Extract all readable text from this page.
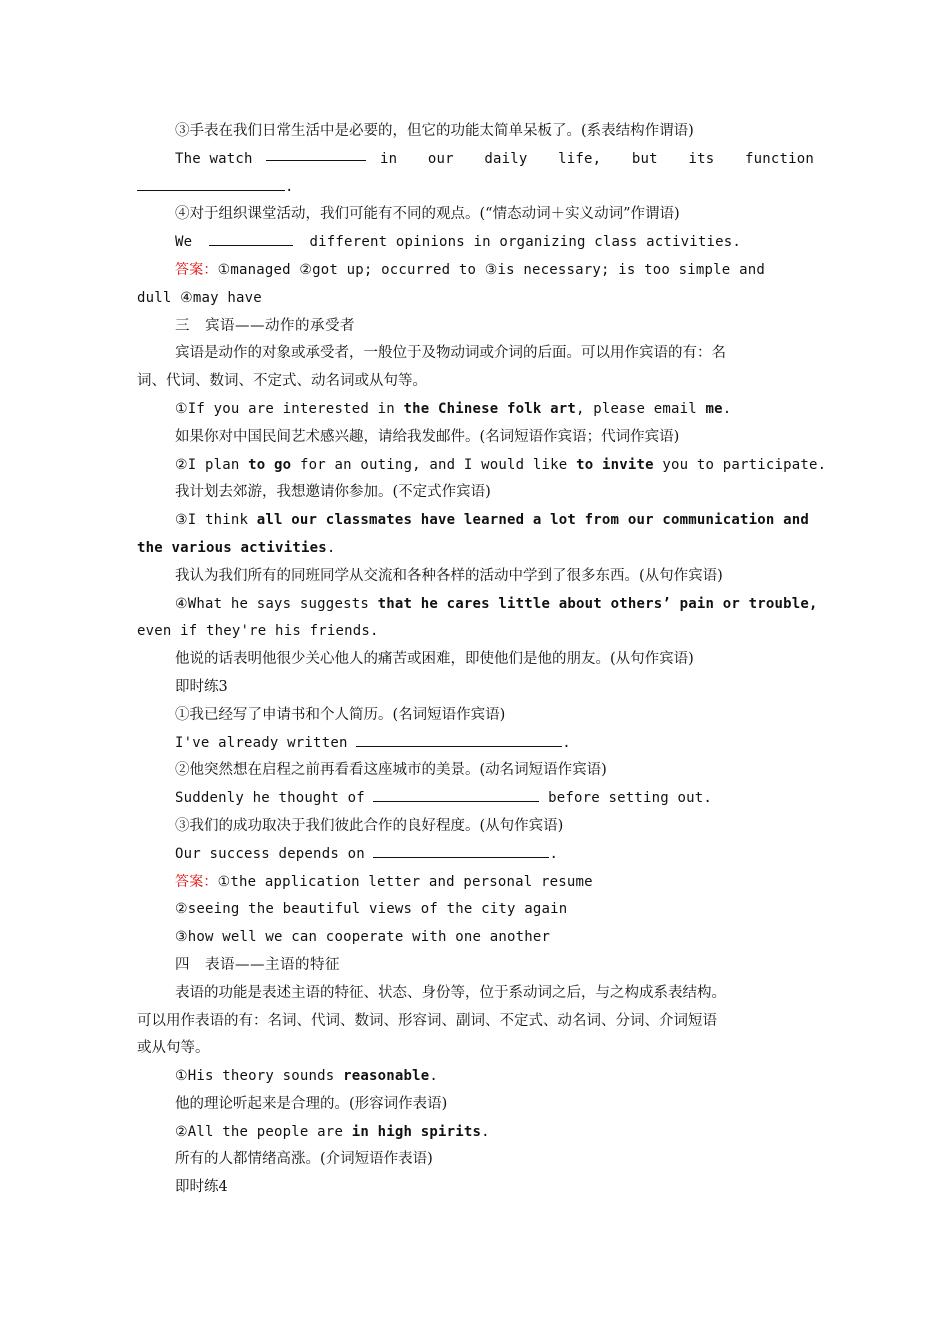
③手表在我们日常生活中是必要的，但它的功能太简单呆板了。(系表结构作谓语)
The watch	in our daily life, but its function
.
④对于组织课堂活动，我们可能有不同的观点。(“情态动词＋实义动词”作谓语)
We	different opinions in organizing class activities.
答案：①managed ②got up; occurred to ③is necessary; is too simple and
dull ④may have
三　宾语——动作的承受者
宾语是动作的对象或承受者，一般位于及物动词或介词的后面。可以用作宾语的有：名
词、代词、数词、不定式、动名词或从句等。
①If you are interested in the Chinese folk art, please email me.
如果你对中国民间艺术感兴趣，请给我发邮件。(名词短语作宾语；代词作宾语)
②I plan to go for an outing, and I would like to invite you to participate.
我计划去郊游，我想邀请你参加。(不定式作宾语)
③I think all our classmates have learned a lot from our communication and
the various activities.
我认为我们所有的同班同学从交流和各种各样的活动中学到了很多东西。(从句作宾语)
④What he says suggests that he cares little about others’ pain or trouble,
even if they're his friends.
他说的话表明他很少关心他人的痛苦或困难，即使他们是他的朋友。(从句作宾语)
即时练3
①我已经写了申请书和个人简历。(名词短语作宾语)
I've already written	.
②他突然想在启程之前再看看这座城市的美景。(动名词短语作宾语)
Suddenly he thought of	before setting out.
③我们的成功取决于我们彼此合作的良好程度。(从句作宾语)
Our success depends on	.
答案：①the application letter and personal resume
②seeing the beautiful views of the city again
③how well we can cooperate with one another
四　表语——主语的特征
表语的功能是表述主语的特征、状态、身份等，位于系动词之后，与之构成系表结构。
可以用作表语的有：名词、代词、数词、形容词、副词、不定式、动名词、分词、介词短语
或从句等。
①His theory sounds reasonable.
他的理论听起来是合理的。(形容词作表语)
②All the people are in high spirits.
所有的人都情绪高涨。(介词短语作表语)
即时练4
